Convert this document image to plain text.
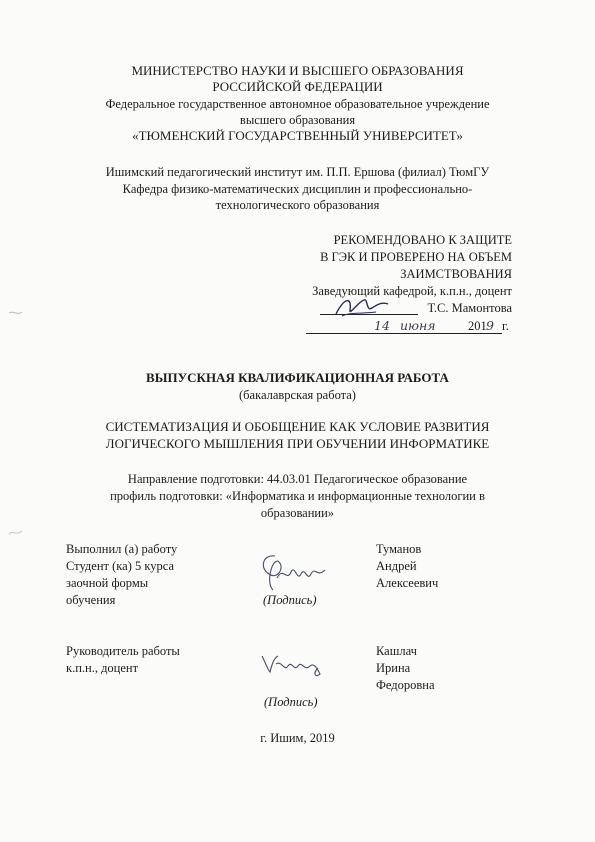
МИНИСТЕРСТВО НАУКИ И ВЫСШЕГО ОБРАЗОВАНИЯ
РОССИЙСКОЙ ФЕДЕРАЦИИ
Федеральное государственное автономное образовательное учреждение
высшего образования
«ТЮМЕНСКИЙ ГОСУДАРСТВЕННЫЙ УНИВЕРСИТЕТ»
Ишимский педагогический институт им. П.П. Ершова (филиал) ТюмГУ
Кафедра физико-математических дисциплин и профессионально-
технологического образования
РЕКОМЕНДОВАНО К ЗАЩИТЕ
В ГЭК И ПРОВЕРЕНО НА ОБЪЕМ
ЗАИМСТВОВАНИЯ
Заведующий кафедрой, к.п.н., доцент
Т.С. Мамонтова
14 июня	201 9 г.
ВЫПУСКНАЯ КВАЛИФИКАЦИОННАЯ РАБОТА
(бакалаврская работа)
СИСТЕМАТИЗАЦИЯ И ОБОБЩЕНИЕ КАК УСЛОВИЕ РАЗВИТИЯ
ЛОГИЧЕСКОГО МЫШЛЕНИЯ ПРИ ОБУЧЕНИИ ИНФОРМАТИКЕ
Направление подготовки: 44.03.01 Педагогическое образование
профиль подготовки: «Информатика и информационные технологии в
образовании»
Выполнил (а) работу
Студент (ка) 5 курса
заочной формы
обучения	(Подпись)
Туманов
Андрей
Алексеевич
Руководитель работы
к.п.н., доцент
(Подпись)
Кашлач
Ирина
Федоровна
г. Ишим, 2019
